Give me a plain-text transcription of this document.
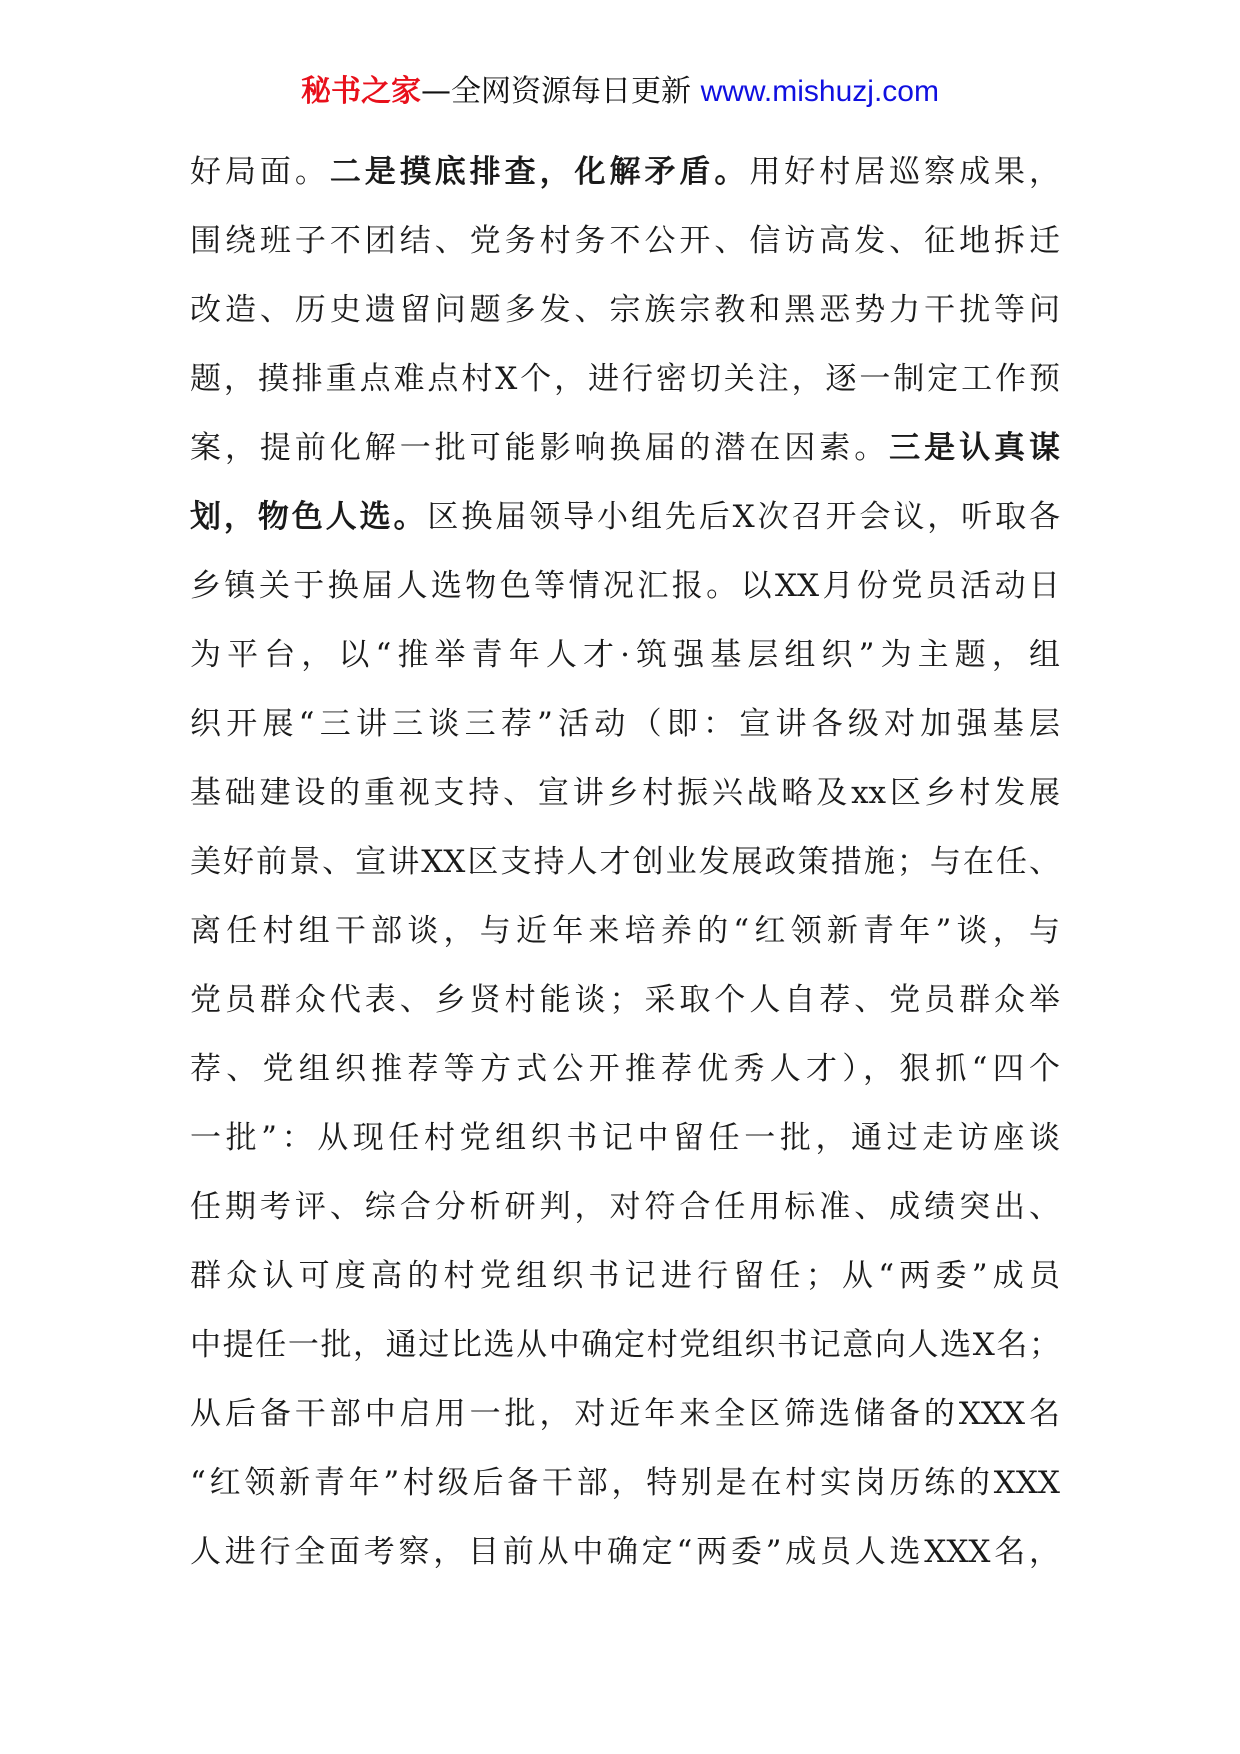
秘书之家—全网资源每日更新 www.mishuzj.com
好局面。二是摸底排查，化解矛盾。用好村居巡察成果，
围绕班子不团结、党务村务不公开、信访高发、征地拆迁
改造、历史遗留问题多发、宗族宗教和黑恶势力干扰等问
题，摸排重点难点村X个，进行密切关注，逐一制定工作预
案，提前化解一批可能影响换届的潜在因素。三是认真谋
划，物色人选。区换届领导小组先后X次召开会议，听取各
乡镇关于换届人选物色等情况汇报。以XX月份党员活动日
为平台，以“推举青年人才·筑强基层组织”为主题，组
织开展“三讲三谈三荐”活动（即：宣讲各级对加强基层
基础建设的重视支持、宣讲乡村振兴战略及xx区乡村发展
美好前景、宣讲XX区支持人才创业发展政策措施；与在任、
离任村组干部谈，与近年来培养的“红领新青年”谈，与
党员群众代表、乡贤村能谈；采取个人自荐、党员群众举
荐、党组织推荐等方式公开推荐优秀人才），狠抓“四个
一批”：从现任村党组织书记中留任一批，通过走访座谈
任期考评、综合分析研判，对符合任用标准、成绩突出、
群众认可度高的村党组织书记进行留任；从“两委”成员
中提任一批，通过比选从中确定村党组织书记意向人选X名；
从后备干部中启用一批，对近年来全区筛选储备的XXX名
“红领新青年”村级后备干部，特别是在村实岗历练的XXX
人进行全面考察，目前从中确定“两委”成员人选XXX名，
